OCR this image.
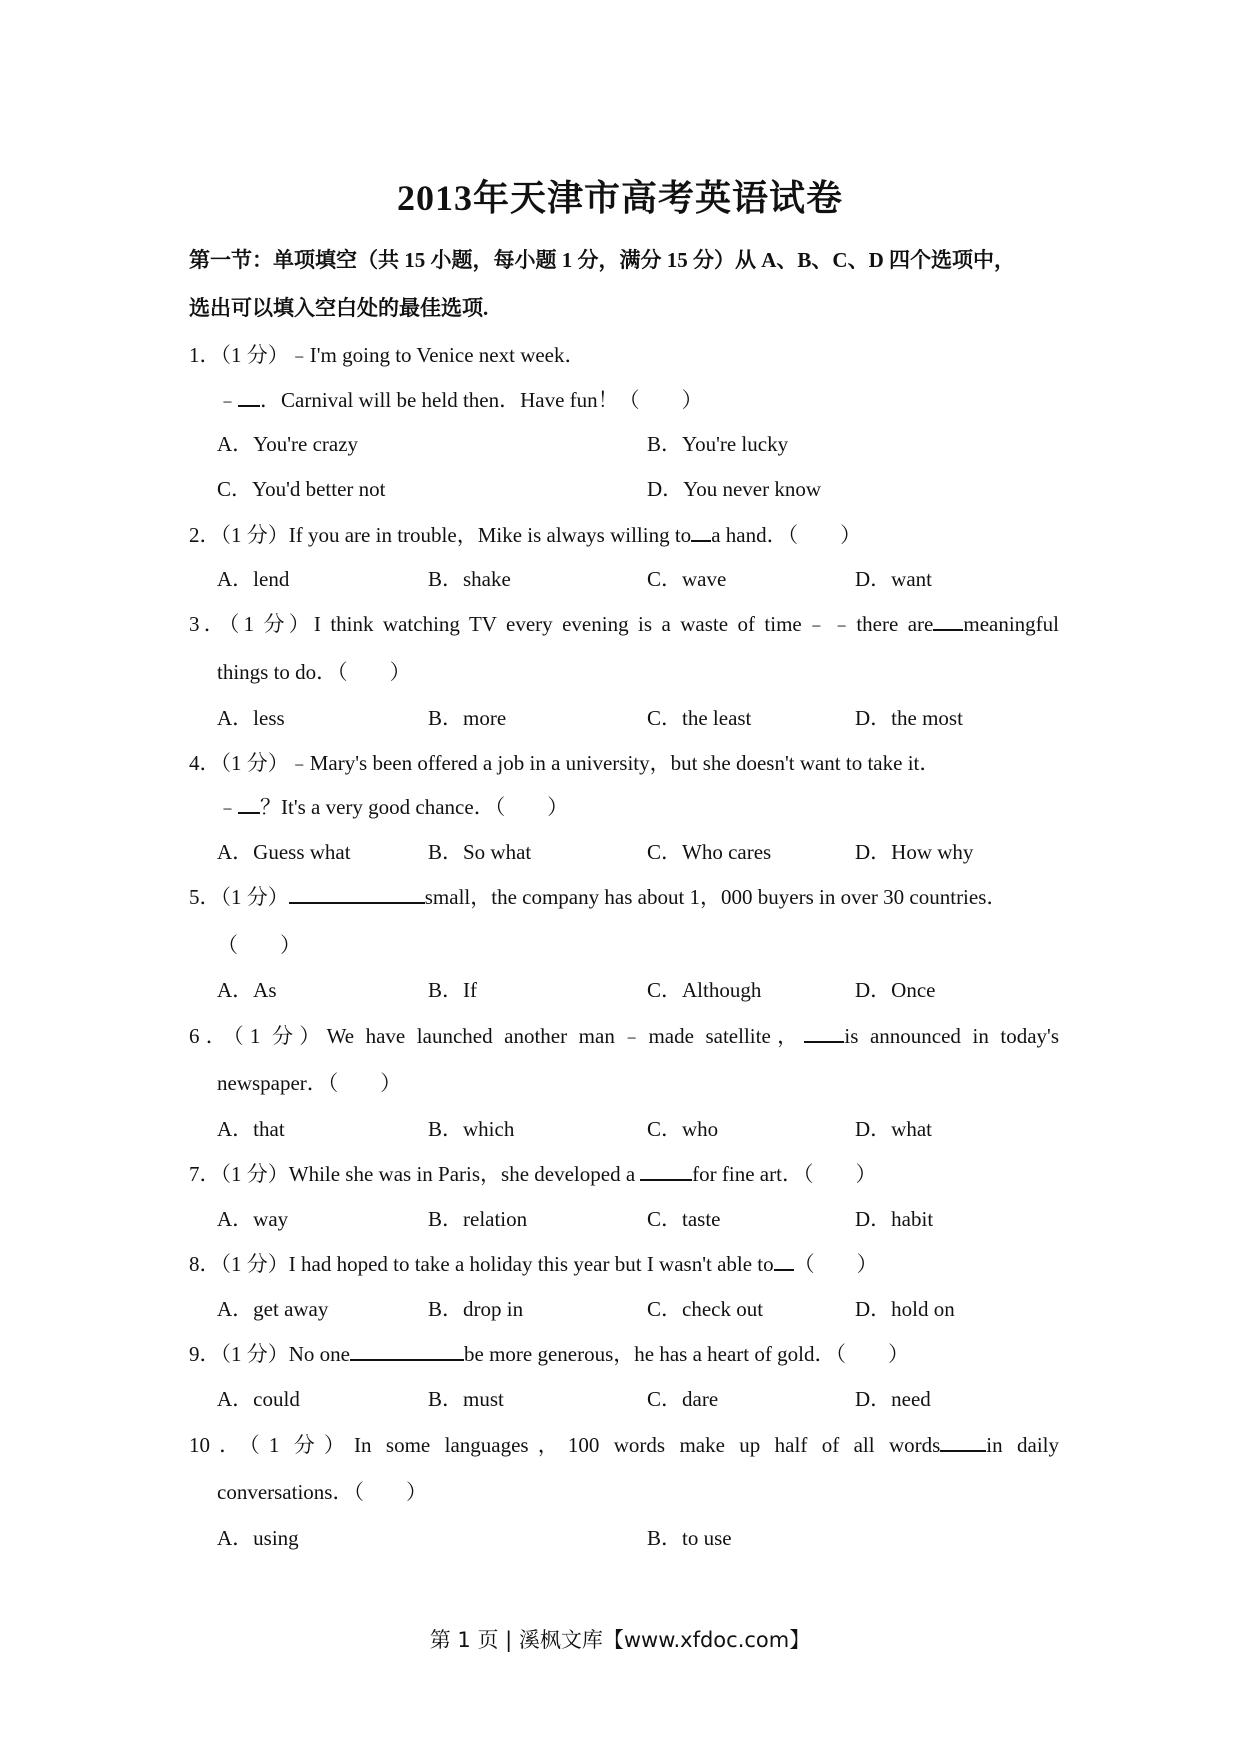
2013年天津市高考英语试卷
第一节：单项填空（共 15 小题，每小题 1 分，满分 15 分）从 A、B、C、D 四个选项中，
选出可以填入空白处的最佳选项.
1．（1 分）﹣I'm going to Venice next week．
﹣ ．Carnival will be held then．Have fun！（　　）
A．You're crazy	B．You're lucky
C．You'd better not	D．You never know
2．（1 分）If you are in trouble，Mike is always willing to a hand．（　　）
A．lend	B．shake	C．wave	D．want
3．（1 分）I think watching TV every evening is a waste of time﹣﹣there are meaningful
things to do．（　　）
A．less	B．more	C．the least	D．the most
4．（1 分）﹣Mary's been offered a job in a university，but she doesn't want to take it．
﹣ ？It's a very good chance．（　　）
A．Guess what	B．So what	C．Who cares	D．How why
5．（1 分）	small，the company has about 1，000 buyers in over 30 countries．
（　　）
A．As	B．If	C．Although	D．Once
6．（1 分）We have launched another man﹣made satellite， is announced in today's
newspaper．（　　）
A．that	B．which	C．who	D．what
7．（1 分）While she was in Paris，she developed a	for fine art．（　　）
A．way	B．relation	C．taste	D．habit
8．（1 分）I had hoped to take a holiday this year but I wasn't able to （　　）
A．get away	B．drop in	C．check out	D．hold on
9．（1 分）No one	be more generous，he has a heart of gold．（　　）
A．could	B．must	C．dare	D．need
10．（1 分）In some languages，100 words make up half of all words in daily
conversations．（　　）
A．using	B．to use
第 1 页 | 溪枫文库【www.xfdoc.com】
